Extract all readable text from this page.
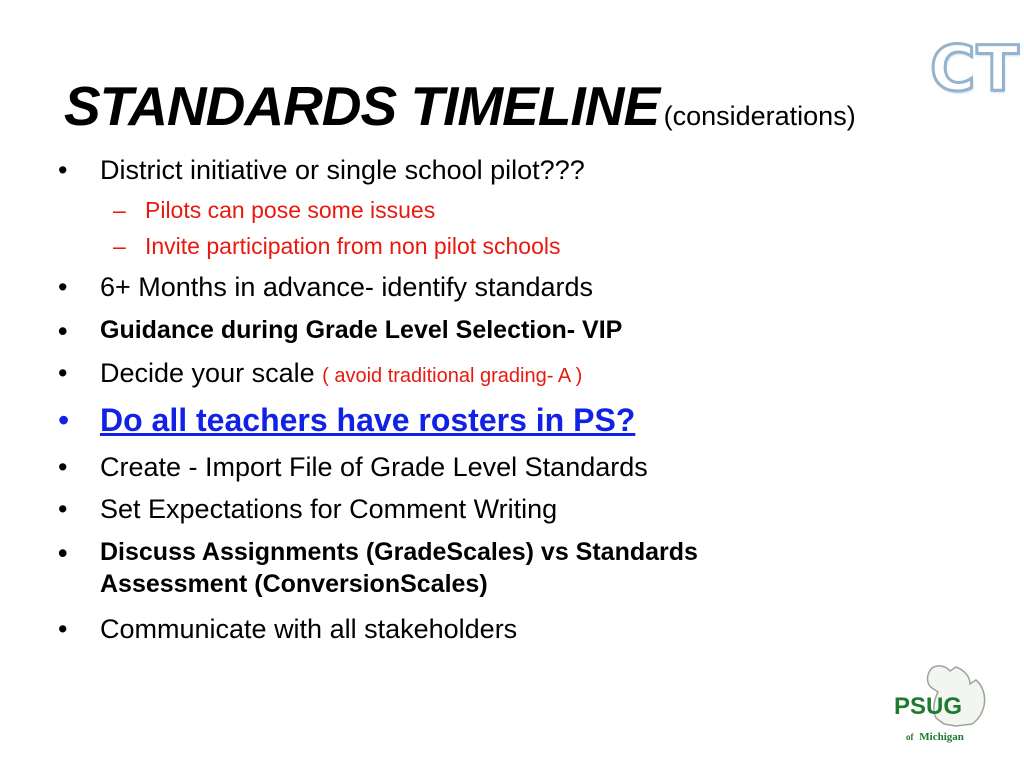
CT
STANDARDS TIMELINE (considerations)
• District initiative or single school pilot???
– Pilots can pose some issues
– Invite participation from non pilot schools
• 6+ Months in advance- identify standards
• Guidance during Grade Level Selection- VIP
• Decide your scale ( avoid traditional grading- A )
• Do all teachers have rosters in PS?
• Create - Import File of Grade Level Standards
• Set Expectations for Comment Writing
• Discuss Assignments (GradeScales) vs Standards
Assessment (ConversionScales)
• Communicate with all stakeholders
PSUG
of Michigan
